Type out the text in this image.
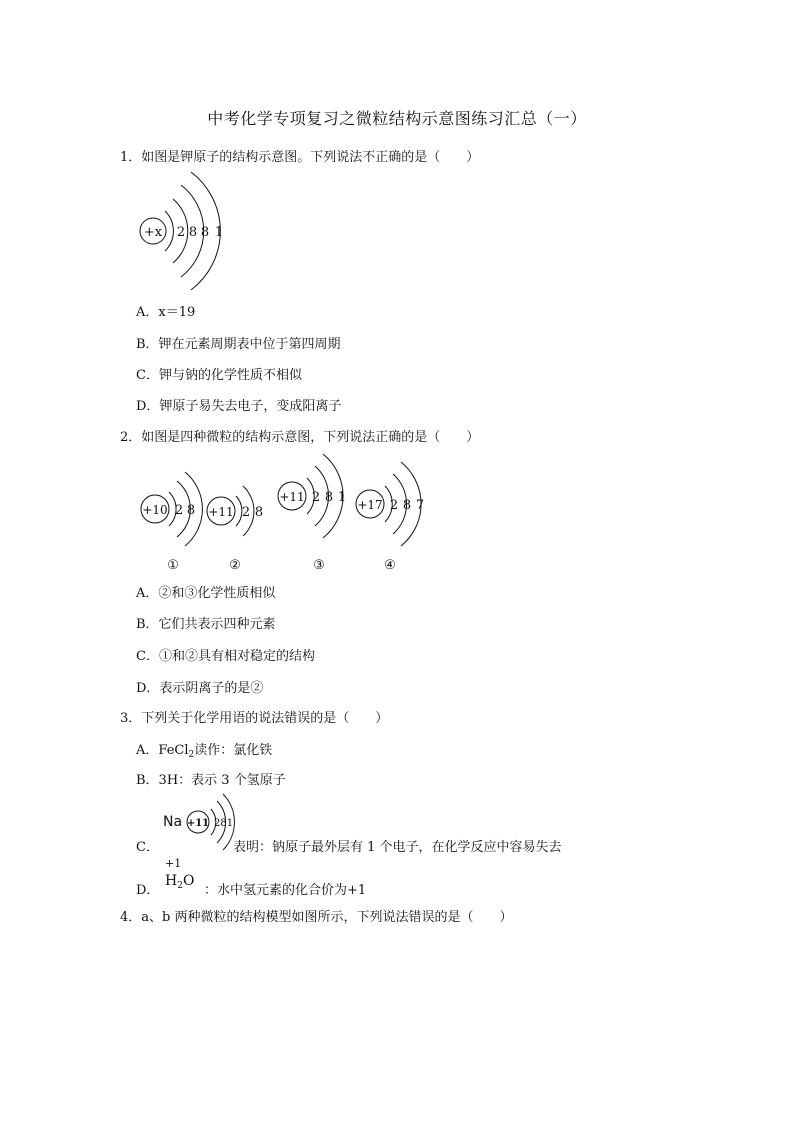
中考化学专项复习之微粒结构示意图练习汇总（一）
1．如图是钾原子的结构示意图。下列说法不正确的是（　　）
+x 2 8 8 1
A．x＝19
B．钾在元素周期表中位于第四周期
C．钾与钠的化学性质不相似
D．钾原子易失去电子，变成阳离子
2．如图是四种微粒的结构示意图，下列说法正确的是（　　）
+10 2 8
①
+11 2 8
②
+11 2 8 1
③
+17 2 8 7
④
A．②和③化学性质相似
B．它们共表示四种元素
C．①和②具有相对稳定的结构
D．表示阴离子的是②
3．下列关于化学用语的说法错误的是（　　）
A．FeCl$_2$读作：氯化铁
B．3H：表示 3 个氢原子
C．
Na +11 281
表明：钠原子最外层有 1 个电子，在化学反应中容易失去
+1
D．
$H_2O$
：水中氢元素的化合价为+1
4．a、b 两种微粒的结构模型如图所示，下列说法错误的是（　　）
